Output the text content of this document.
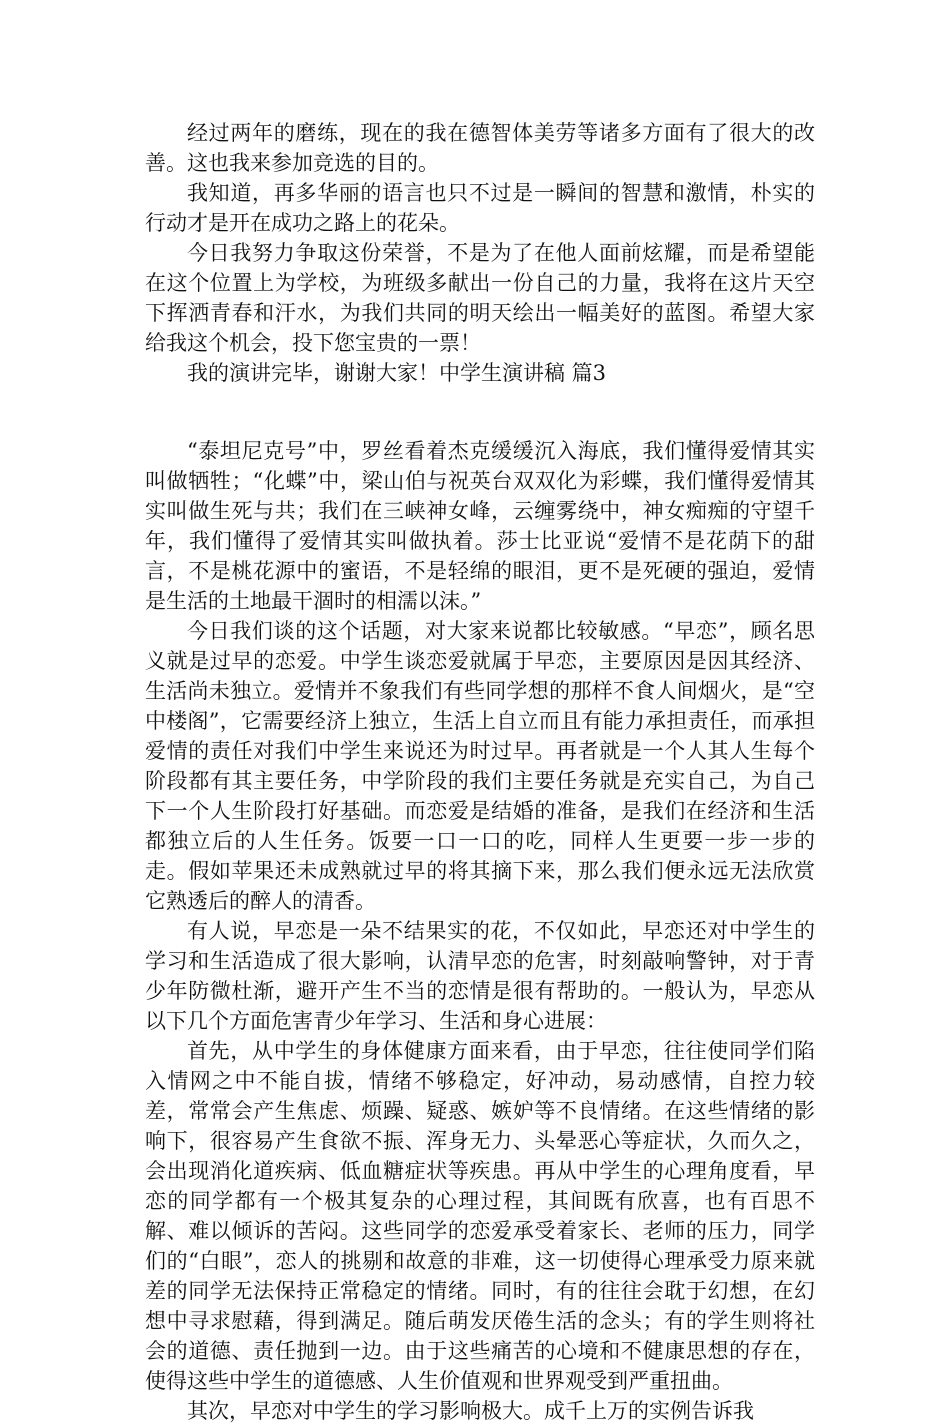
经过两年的磨练，现在的我在德智体美劳等诸多方面有了很大的改善。这也我来参加竞选的目的。

我知道，再多华丽的语言也只不过是一瞬间的智慧和激情，朴实的行动才是开在成功之路上的花朵。

今日我努力争取这份荣誉，不是为了在他人面前炫耀，而是希望能在这个位置上为学校，为班级多献出一份自己的力量，我将在这片天空下挥洒青春和汗水，为我们共同的明天绘出一幅美好的蓝图。希望大家给我这个机会，投下您宝贵的一票！

我的演讲完毕，谢谢大家！中学生演讲稿 篇3

“泰坦尼克号”中，罗丝看着杰克缓缓沉入海底，我们懂得爱情其实叫做牺牲；“化蝶”中，梁山伯与祝英台双双化为彩蝶，我们懂得爱情其实叫做生死与共；我们在三峡神女峰，云缠雾绕中，神女痴痴的守望千年，我们懂得了爱情其实叫做执着。莎士比亚说“爱情不是花荫下的甜言，不是桃花源中的蜜语，不是轻绵的眼泪，更不是死硬的强迫，爱情是生活的土地最干涸时的相濡以沫。”

今日我们谈的这个话题，对大家来说都比较敏感。“早恋”，顾名思义就是过早的恋爱。中学生谈恋爱就属于早恋，主要原因是因其经济、生活尚未独立。爱情并不象我们有些同学想的那样不食人间烟火，是“空中楼阁”，它需要经济上独立，生活上自立而且有能力承担责任，而承担爱情的责任对我们中学生来说还为时过早。再者就是一个人其人生每个阶段都有其主要任务，中学阶段的我们主要任务就是充实自己，为自己下一个人生阶段打好基础。而恋爱是结婚的准备，是我们在经济和生活都独立后的人生任务。饭要一口一口的吃，同样人生更要一步一步的走。假如苹果还未成熟就过早的将其摘下来，那么我们便永远无法欣赏它熟透后的醉人的清香。

有人说，早恋是一朵不结果实的花，不仅如此，早恋还对中学生的学习和生活造成了很大影响，认清早恋的危害，时刻敲响警钟，对于青少年防微杜渐，避开产生不当的恋情是很有帮助的。一般认为，早恋从以下几个方面危害青少年学习、生活和身心进展：

首先，从中学生的身体健康方面来看，由于早恋，往往使同学们陷入情网之中不能自拔，情绪不够稳定，好冲动，易动感情，自控力较差，常常会产生焦虑、烦躁、疑惑、嫉妒等不良情绪。在这些情绪的影响下，很容易产生食欲不振、浑身无力、头晕恶心等症状，久而久之，会出现消化道疾病、低血糖症状等疾患。再从中学生的心理角度看，早恋的同学都有一个极其复杂的心理过程，其间既有欣喜，也有百思不解、难以倾诉的苦闷。这些同学的恋爱承受着家长、老师的压力，同学们的“白眼”，恋人的挑剔和故意的非难，这一切使得心理承受力原来就差的同学无法保持正常稳定的情绪。同时，有的往往会耽于幻想，在幻想中寻求慰藉，得到满足。随后萌发厌倦生活的念头；有的学生则将社会的道德、责任抛到一边。由于这些痛苦的心境和不健康思想的存在，使得这些中学生的道德感、人生价值观和世界观受到严重扭曲。

其次，早恋对中学生的学习影响极大。成千上万的实例告诉我
